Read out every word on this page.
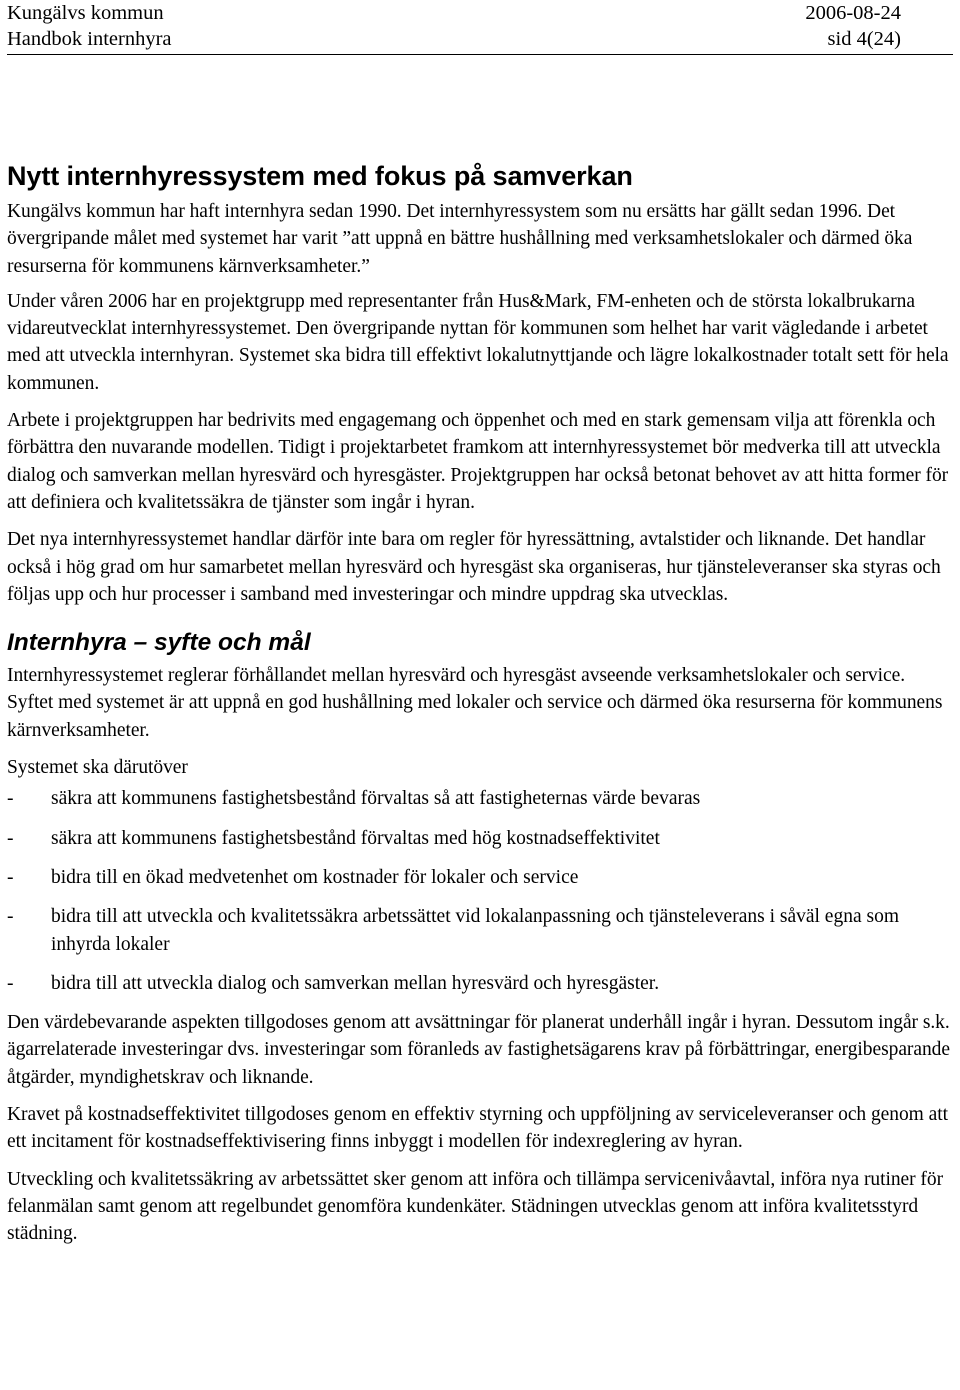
Kungälvs kommun	2006-08-24
Handbok internhyra	sid 4(24)
Nytt internhyressystem med fokus på samverkan

Kungälvs kommun har haft internhyra sedan 1990. Det internhyressystem som nu ersätts har gällt sedan 1996. Det övergripande målet med systemet har varit ”att uppnå en bättre hushållning med verksamhetslokaler och därmed öka resurserna för kommunens kärnverksamheter.”

Under våren 2006 har en projektgrupp med representanter från Hus&Mark, FM-enheten och de största lokalbrukarna vidareutvecklat internhyressystemet. Den övergripande nyttan för kommunen som helhet har varit vägledande i arbetet med att utveckla internhyran. Systemet ska bidra till effektivt lokalutnyttjande och lägre lokalkostnader totalt sett för hela kommunen.

Arbete i projektgruppen har bedrivits med engagemang och öppenhet och med en stark gemensam vilja att förenkla och förbättra den nuvarande modellen. Tidigt i projektarbetet framkom att internhyressystemet bör medverka till att utveckla dialog och samverkan mellan hyresvärd och hyresgäster. Projektgruppen har också betonat behovet av att hitta former för att definiera och kvalitetssäkra de tjänster som ingår i hyran.

Det nya internhyressystemet handlar därför inte bara om regler för hyressättning, avtalstider och liknande. Det handlar också i hög grad om hur samarbetet mellan hyresvärd och hyresgäst ska organiseras, hur tjänsteleveranser ska styras och följas upp och hur processer i samband med investeringar och mindre uppdrag ska utvecklas.

Internhyra – syfte och mål

Internhyressystemet reglerar förhållandet mellan hyresvärd och hyresgäst avseende verksamhetslokaler och service. Syftet med systemet är att uppnå en god hushållning med lokaler och service och därmed öka resurserna för kommunens kärnverksamheter.

Systemet ska därutöver

-	säkra att kommunens fastighetsbestånd förvaltas så att fastigheternas värde bevaras
-	säkra att kommunens fastighetsbestånd förvaltas med hög kostnadseffektivitet
-	bidra till en ökad medvetenhet om kostnader för lokaler och service
-	bidra till att utveckla och kvalitetssäkra arbetssättet vid lokalanpassning och tjänsteleverans i såväl egna som inhyrda lokaler
-	bidra till att utveckla dialog och samverkan mellan hyresvärd och hyresgäster.

Den värdebevarande aspekten tillgodoses genom att avsättningar för planerat underhåll ingår i hyran. Dessutom ingår s.k. ägarrelaterade investeringar dvs. investeringar som föranleds av fastighetsägarens krav på förbättringar, energibesparande åtgärder, myndighetskrav och liknande.

Kravet på kostnadseffektivitet tillgodoses genom en effektiv styrning och uppföljning av serviceleveranser och genom att ett incitament för kostnadseffektivisering finns inbyggt i modellen för indexreglering av hyran.

Utveckling och kvalitetssäkring av arbetssättet sker genom att införa och tillämpa servicenivåavtal, införa nya rutiner för felanmälan samt genom att regelbundet genomföra kundenkäter. Städningen utvecklas genom att införa kvalitetsstyrd städning.
